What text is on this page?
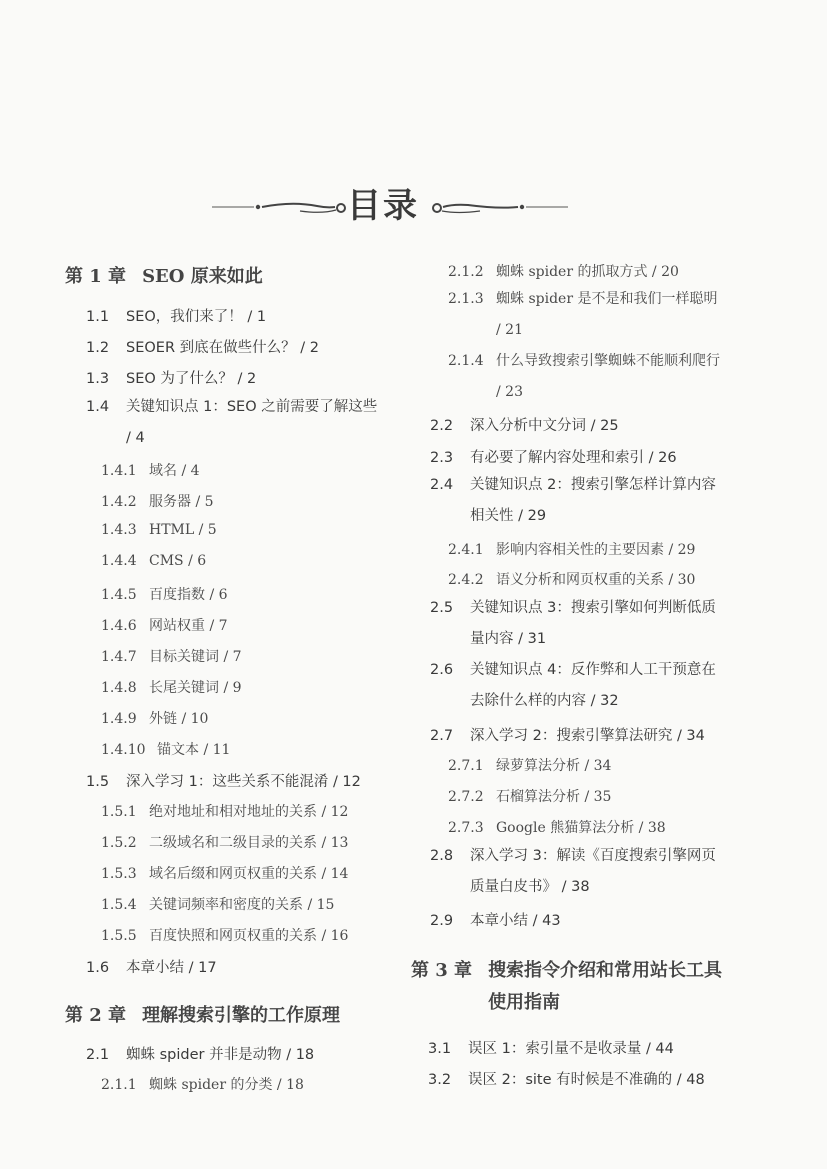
目录
第 1 章 SEO 原来如此
1.1 SEO，我们来了！ / 1
1.2 SEOER 到底在做些什么？ / 2
1.3 SEO 为了什么？ / 2
1.4 关键知识点 1：SEO 之前需要了解这些 / 4
1.4.1 域名 / 4
1.4.2 服务器 / 5
1.4.3 HTML / 5
1.4.4 CMS / 6
1.4.5 百度指数 / 6
1.4.6 网站权重 / 7
1.4.7 目标关键词 / 7
1.4.8 长尾关键词 / 9
1.4.9 外链 / 10
1.4.10 锚文本 / 11
1.5 深入学习 1：这些关系不能混淆 / 12
1.5.1 绝对地址和相对地址的关系 / 12
1.5.2 二级域名和二级目录的关系 / 13
1.5.3 域名后缀和网页权重的关系 / 14
1.5.4 关键词频率和密度的关系 / 15
1.5.5 百度快照和网页权重的关系 / 16
1.6 本章小结 / 17
第 2 章 理解搜索引擎的工作原理
2.1 蜘蛛 spider 并非是动物 / 18
2.1.1 蜘蛛 spider 的分类 / 18
2.1.2 蜘蛛 spider 的抓取方式 / 20
2.1.3 蜘蛛 spider 是不是和我们一样聪明 / 21
2.1.4 什么导致搜索引擎蜘蛛不能顺利爬行 / 23
2.2 深入分析中文分词 / 25
2.3 有必要了解内容处理和索引 / 26
2.4 关键知识点 2：搜索引擎怎样计算内容相关性 / 29
2.4.1 影响内容相关性的主要因素 / 29
2.4.2 语义分析和网页权重的关系 / 30
2.5 关键知识点 3：搜索引擎如何判断低质量内容 / 31
2.6 关键知识点 4：反作弊和人工干预意在去除什么样的内容 / 32
2.7 深入学习 2：搜索引擎算法研究 / 34
2.7.1 绿萝算法分析 / 34
2.7.2 石榴算法分析 / 35
2.7.3 Google 熊猫算法分析 / 38
2.8 深入学习 3：解读《百度搜索引擎网页质量白皮书》 / 38
2.9 本章小结 / 43
第 3 章 搜索指令介绍和常用站长工具使用指南
3.1 误区 1：索引量不是收录量 / 44
3.2 误区 2：site 有时候是不准确的 / 48
